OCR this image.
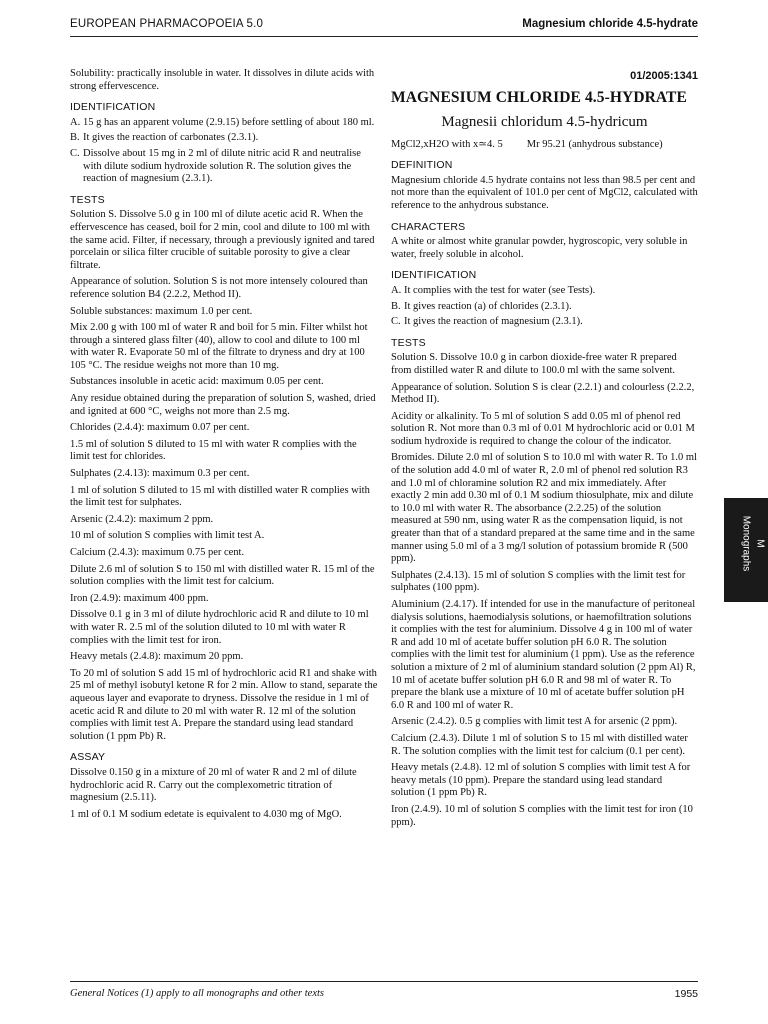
EUROPEAN PHARMACOPOEIA 5.0	Magnesium chloride 4.5-hydrate

Solubility: practically insoluble in water. It dissolves in dilute acids with strong effervescence.

IDENTIFICATION
A. 15 g has an apparent volume (2.9.15) before settling of about 180 ml.
B. It gives the reaction of carbonates (2.3.1).
C. Dissolve about 15 mg in 2 ml of dilute nitric acid R and neutralise with dilute sodium hydroxide solution R. The solution gives the reaction of magnesium (2.3.1).
TESTS

Solution S. Dissolve 5.0 g in 100 ml of dilute acetic acid R. When the effervescence has ceased, boil for 2 min, cool and dilute to 100 ml with the same acid. Filter, if necessary, through a previously ignited and tared porcelain or silica filter crucible of suitable porosity to give a clear filtrate.

Appearance of solution. Solution S is not more intensely coloured than reference solution B4 (2.2.2, Method II).

Soluble substances: maximum 1.0 per cent.

Mix 2.00 g with 100 ml of water R and boil for 5 min. Filter whilst hot through a sintered glass filter (40), allow to cool and dilute to 100 ml with water R. Evaporate 50 ml of the filtrate to dryness and dry at 100 105 °C. The residue weighs not more than 10 mg.

Substances insoluble in acetic acid: maximum 0.05 per cent.

Any residue obtained during the preparation of solution S, washed, dried and ignited at 600 °C, weighs not more than 2.5 mg.

Chlorides (2.4.4): maximum 0.07 per cent.

1.5 ml of solution S diluted to 15 ml with water R complies with the limit test for chlorides.

Sulphates (2.4.13): maximum 0.3 per cent.

1 ml of solution S diluted to 15 ml with distilled water R complies with the limit test for sulphates.

Arsenic (2.4.2): maximum 2 ppm.

10 ml of solution S complies with limit test A.

Calcium (2.4.3): maximum 0.75 per cent.

Dilute 2.6 ml of solution S to 150 ml with distilled water R. 15 ml of the solution complies with the limit test for calcium.

Iron (2.4.9): maximum 400 ppm.

Dissolve 0.1 g in 3 ml of dilute hydrochloric acid R and dilute to 10 ml with water R. 2.5 ml of the solution diluted to 10 ml with water R complies with the limit test for iron.

Heavy metals (2.4.8): maximum 20 ppm.

To 20 ml of solution S add 15 ml of hydrochloric acid R1 and shake with 25 ml of methyl isobutyl ketone R for 2 min. Allow to stand, separate the aqueous layer and evaporate to dryness. Dissolve the residue in 1 ml of acetic acid R and dilute to 20 ml with water R. 12 ml of the solution complies with limit test A. Prepare the standard using lead standard solution (1 ppm Pb) R.

ASSAY

Dissolve 0.150 g in a mixture of 20 ml of water R and 2 ml of dilute hydrochloric acid R. Carry out the complexometric titration of magnesium (2.5.11).

1 ml of 0.1 M sodium edetate is equivalent to 4.030 mg of MgO.

01/2005:1341
MAGNESIUM CHLORIDE 4.5-HYDRATE
Magnesii chloridum 4.5-hydricum
MgCl2,xH2O with x≃4. 5 Mr 95.21 (anhydrous substance)
DEFINITION

Magnesium chloride 4.5 hydrate contains not less than 98.5 per cent and not more than the equivalent of 101.0 per cent of MgCl2, calculated with reference to the anhydrous substance.

CHARACTERS

A white or almost white granular powder, hygroscopic, very soluble in water, freely soluble in alcohol.

IDENTIFICATION
A. It complies with the test for water (see Tests).
B. It gives reaction (a) of chlorides (2.3.1).
C. It gives the reaction of magnesium (2.3.1).
TESTS

Solution S. Dissolve 10.0 g in carbon dioxide-free water R prepared from distilled water R and dilute to 100.0 ml with the same solvent.

Appearance of solution. Solution S is clear (2.2.1) and colourless (2.2.2, Method II).

Acidity or alkalinity. To 5 ml of solution S add 0.05 ml of phenol red solution R. Not more than 0.3 ml of 0.01 M hydrochloric acid or 0.01 M sodium hydroxide is required to change the colour of the indicator.

Bromides. Dilute 2.0 ml of solution S to 10.0 ml with water R. To 1.0 ml of the solution add 4.0 ml of water R, 2.0 ml of phenol red solution R3 and 1.0 ml of chloramine solution R2 and mix immediately. After exactly 2 min add 0.30 ml of 0.1 M sodium thiosulphate, mix and dilute to 10.0 ml with water R. The absorbance (2.2.25) of the solution measured at 590 nm, using water R as the compensation liquid, is not greater than that of a standard prepared at the same time and in the same manner using 5.0 ml of a 3 mg/l solution of potassium bromide R (500 ppm).

Sulphates (2.4.13). 15 ml of solution S complies with the limit test for sulphates (100 ppm).

Aluminium (2.4.17). If intended for use in the manufacture of peritoneal dialysis solutions, haemodialysis solutions, or haemofiltration solutions it complies with the test for aluminium. Dissolve 4 g in 100 ml of water R and add 10 ml of acetate buffer solution pH 6.0 R. The solution complies with the limit test for aluminium (1 ppm). Use as the reference solution a mixture of 2 ml of aluminium standard solution (2 ppm Al) R, 10 ml of acetate buffer solution pH 6.0 R and 98 ml of water R. To prepare the blank use a mixture of 10 ml of acetate buffer solution pH 6.0 R and 100 ml of water R.

Arsenic (2.4.2). 0.5 g complies with limit test A for arsenic (2 ppm).

Calcium (2.4.3). Dilute 1 ml of solution S to 15 ml with distilled water R. The solution complies with the limit test for calcium (0.1 per cent).

Heavy metals (2.4.8). 12 ml of solution S complies with limit test A for heavy metals (10 ppm). Prepare the standard using lead standard solution (1 ppm Pb) R.

Iron (2.4.9). 10 ml of solution S complies with the limit test for iron (10 ppm).

Monographs M
General Notices (1) apply to all monographs and other texts	1955
